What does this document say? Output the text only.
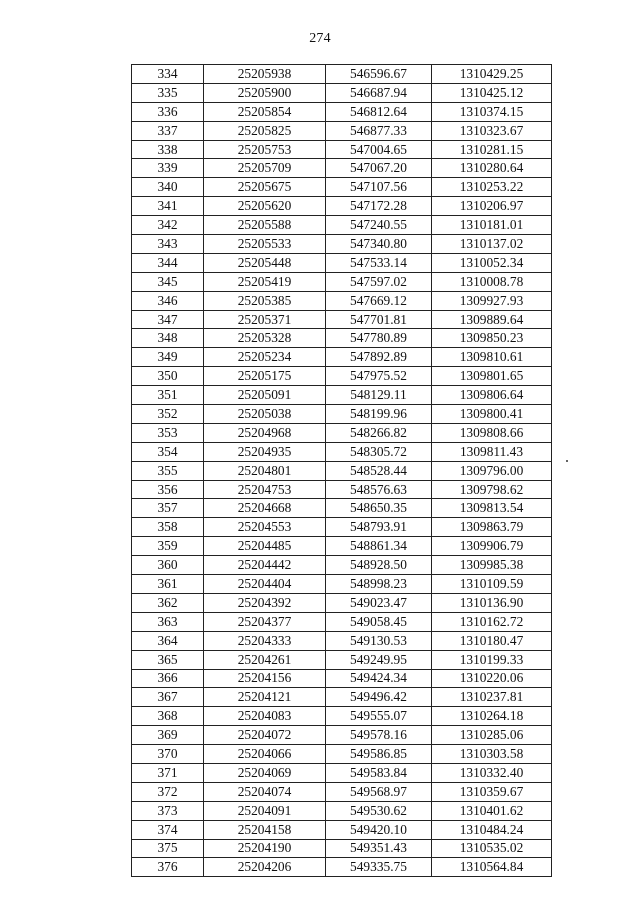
274
334	25205938	546596.67	1310429.25
335	25205900	546687.94	1310425.12
336	25205854	546812.64	1310374.15
337	25205825	546877.33	1310323.67
338	25205753	547004.65	1310281.15
339	25205709	547067.20	1310280.64
340	25205675	547107.56	1310253.22
341	25205620	547172.28	1310206.97
342	25205588	547240.55	1310181.01
343	25205533	547340.80	1310137.02
344	25205448	547533.14	1310052.34
345	25205419	547597.02	1310008.78
346	25205385	547669.12	1309927.93
347	25205371	547701.81	1309889.64
348	25205328	547780.89	1309850.23
349	25205234	547892.89	1309810.61
350	25205175	547975.52	1309801.65
351	25205091	548129.11	1309806.64
352	25205038	548199.96	1309800.41
353	25204968	548266.82	1309808.66
354	25204935	548305.72	1309811.43
355	25204801	548528.44	1309796.00
356	25204753	548576.63	1309798.62
357	25204668	548650.35	1309813.54
358	25204553	548793.91	1309863.79
359	25204485	548861.34	1309906.79
360	25204442	548928.50	1309985.38
361	25204404	548998.23	1310109.59
362	25204392	549023.47	1310136.90
363	25204377	549058.45	1310162.72
364	25204333	549130.53	1310180.47
365	25204261	549249.95	1310199.33
366	25204156	549424.34	1310220.06
367	25204121	549496.42	1310237.81
368	25204083	549555.07	1310264.18
369	25204072	549578.16	1310285.06
370	25204066	549586.85	1310303.58
371	25204069	549583.84	1310332.40
372	25204074	549568.97	1310359.67
373	25204091	549530.62	1310401.62
374	25204158	549420.10	1310484.24
375	25204190	549351.43	1310535.02
376	25204206	549335.75	1310564.84
